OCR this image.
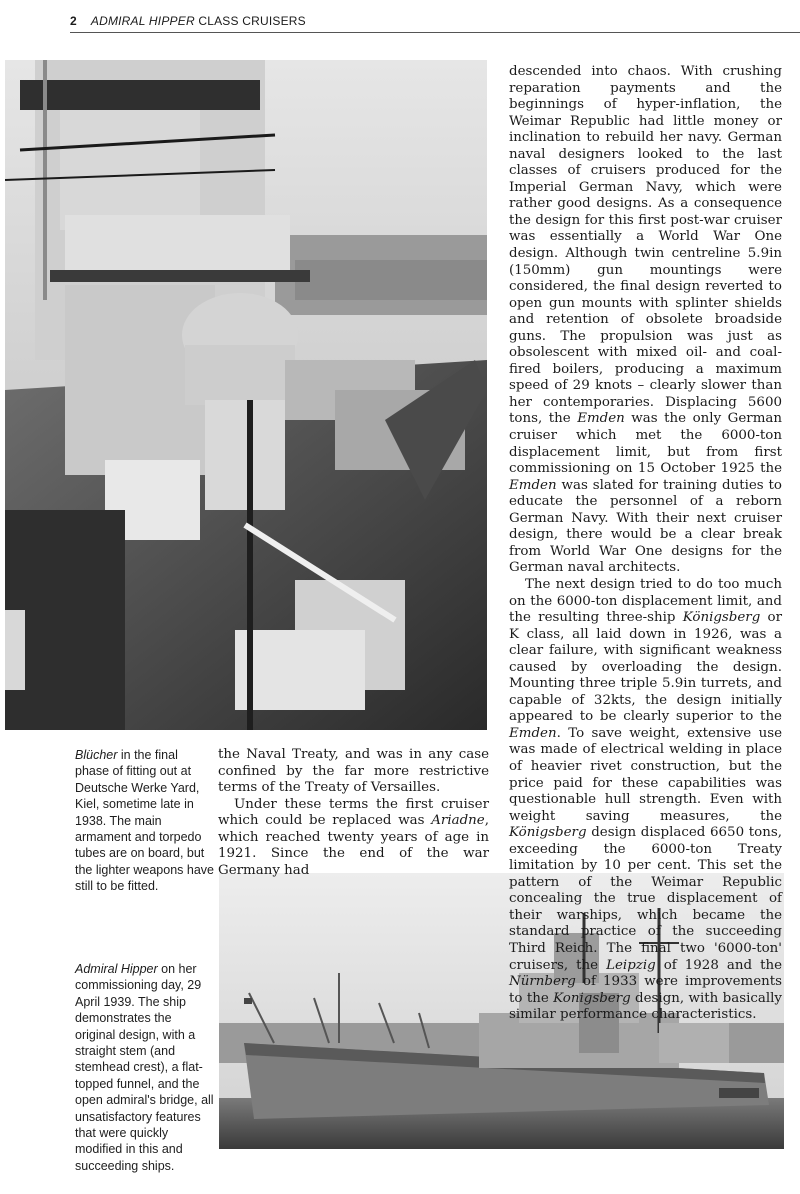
2 ADMIRAL HIPPER CLASS CRUISERS
Blücher in the final phase of fitting out at Deutsche Werke Yard, Kiel, sometime late in 1938. The main armament and torpedo tubes are on board, but the lighter weapons have still to be fitted.
Admiral Hipper on her commissioning day, 29 April 1939. The ship demonstrates the original design, with a straight stem (and stemhead crest), a flat-topped funnel, and the open admiral's bridge, all unsatisfactory features that were quickly modified in this and succeeding ships.

the Naval Treaty, and was in any case confined by the far more restrictive terms of the Treaty of Versailles.

Under these terms the first cruiser which could be replaced was Ariadne, which reached twenty years of age in 1921. Since the end of the war Germany had

descended into chaos. With crushing reparation payments and the beginnings of hyper-inflation, the Weimar Republic had little money or inclination to rebuild her navy. German naval designers looked to the last classes of cruisers produced for the Imperial German Navy, which were rather good designs. As a consequence the design for this first post-war cruiser was essentially a World War One design. Although twin centreline 5.9in (150mm) gun mountings were considered, the final design reverted to open gun mounts with splinter shields and retention of obsolete broadside guns. The propulsion was just as obsolescent with mixed oil- and coal-fired boilers, producing a maximum speed of 29 knots – clearly slower than her contemporaries. Displacing 5600 tons, the Emden was the only German cruiser which met the 6000-ton displacement limit, but from first commissioning on 15 October 1925 the Emden was slated for training duties to educate the personnel of a reborn German Navy. With their next cruiser design, there would be a clear break from World War One designs for the German naval architects.

The next design tried to do too much on the 6000-ton displacement limit, and the resulting three-ship Königsberg or K class, all laid down in 1926, was a clear failure, with significant weakness caused by overloading the design. Mounting three triple 5.9in turrets, and capable of 32kts, the design initially appeared to be clearly superior to the Emden. To save weight, extensive use was made of electrical welding in place of heavier rivet construction, but the price paid for these capabilities was questionable hull strength. Even with weight saving measures, the Königsberg design displaced 6650 tons, exceeding the 6000-ton Treaty limitation by 10 per cent. This set the pattern of the Weimar Republic concealing the true displacement of their warships, which became the standard practice of the succeeding Third Reich. The final two '6000-ton' cruisers, the Leipzig of 1928 and the Nürnberg of 1933 were improvements to the Konigsberg design, with basically similar performance characteristics.
